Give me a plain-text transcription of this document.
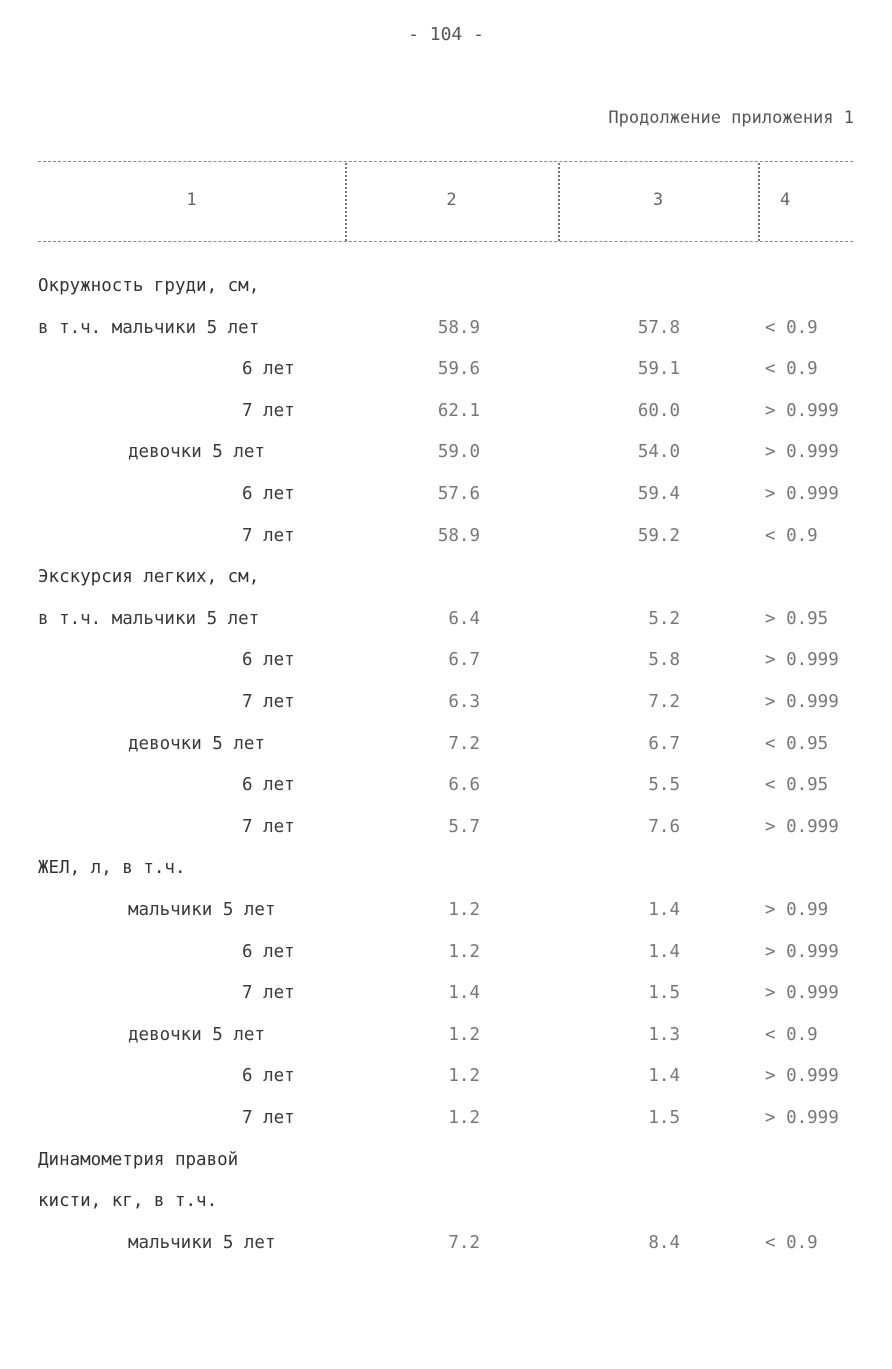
- 104 -
Продолжение приложения 1
1	2	3	4
Окружность груди, см,
в т.ч. мальчики 5 лет	58.9	57.8	< 0.9
6 лет	59.6	59.1	< 0.9
7 лет	62.1	60.0	> 0.999
девочки 5 лет	59.0	54.0	> 0.999
6 лет	57.6	59.4	> 0.999
7 лет	58.9	59.2	< 0.9
Экскурсия легких, см,
в т.ч. мальчики 5 лет	6.4	5.2	> 0.95
6 лет	6.7	5.8	> 0.999
7 лет	6.3	7.2	> 0.999
девочки 5 лет	7.2	6.7	< 0.95
6 лет	6.6	5.5	< 0.95
7 лет	5.7	7.6	> 0.999
ЖЕЛ, л, в т.ч.
мальчики 5 лет	1.2	1.4	> 0.99
6 лет	1.2	1.4	> 0.999
7 лет	1.4	1.5	> 0.999
девочки 5 лет	1.2	1.3	< 0.9
6 лет	1.2	1.4	> 0.999
7 лет	1.2	1.5	> 0.999
Динамометрия правой
кисти, кг, в т.ч.
мальчики 5 лет	7.2	8.4	< 0.9
